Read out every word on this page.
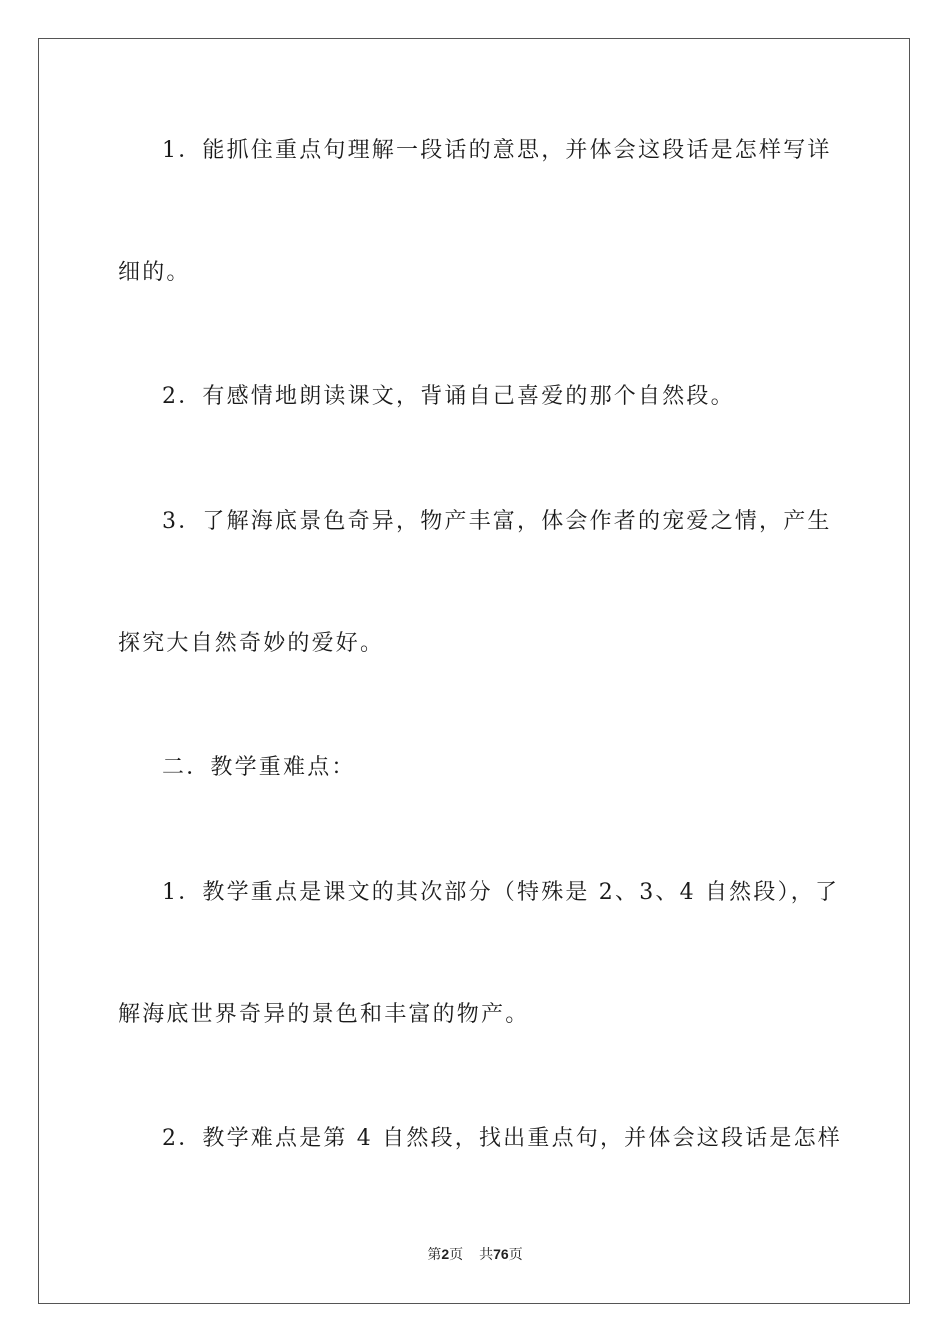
1．能抓住重点句理解一段话的意思，并体会这段话是怎样写详
细的。
2．有感情地朗读课文，背诵自己喜爱的那个自然段。
3．了解海底景色奇异，物产丰富，体会作者的宠爱之情，产生
探究大自然奇妙的爱好。
二．教学重难点：
1．教学重点是课文的其次部分（特殊是 2、3、4 自然段），了
解海底世界奇异的景色和丰富的物产。
2．教学难点是第 4 自然段，找出重点句，并体会这段话是怎样
第2页 共76页
